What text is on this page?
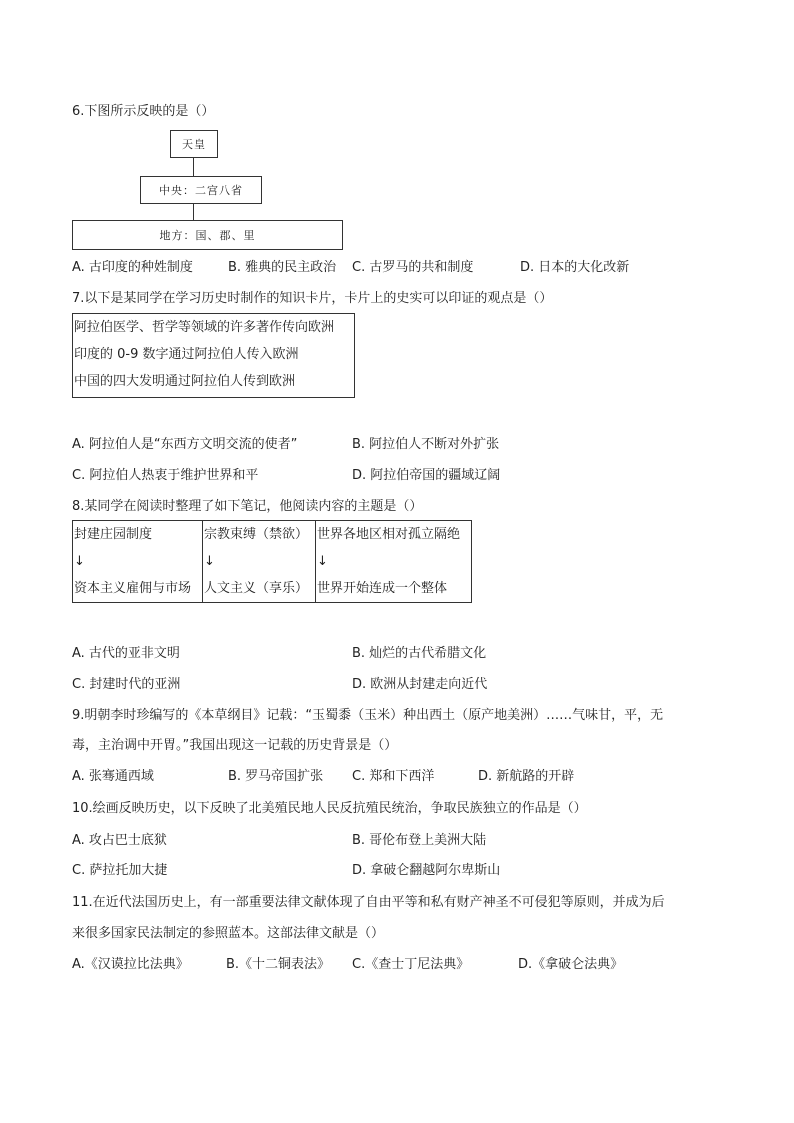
6.下图所示反映的是（）
天皇
中央：二宫八省
地方：国、郡、里
A. 古印度的种姓制度	B. 雅典的民主政治 C. 古罗马的共和制度	D. 日本的大化改新
7.以下是某同学在学习历史时制作的知识卡片，卡片上的史实可以印证的观点是（）
阿拉伯医学、哲学等领域的许多著作传向欧洲
印度的 0-9 数字通过阿拉伯人传入欧洲
中国的四大发明通过阿拉伯人传到欧洲
A. 阿拉伯人是“东西方文明交流的使者”	B. 阿拉伯人不断对外扩张
C. 阿拉伯人热衷于维护世界和平	D. 阿拉伯帝国的疆域辽阔
8.某同学在阅读时整理了如下笔记，他阅读内容的主题是（）
封建庄园制度
↓
资本主义雇佣与市场

宗教束缚（禁欲）
↓
人文主义（享乐）

世界各地区相对孤立隔绝
↓
世界开始连成一个整体
A. 古代的亚非文明	B. 灿烂的古代希腊文化
C. 封建时代的亚洲	D. 欧洲从封建走向近代
9.明朝李时珍编写的《本草纲目》记载：“玉蜀黍（玉米）种出西土（原产地美洲）……气味甘，平，无
毒，主治调中开胃。”我国出现这一记载的历史背景是（）
A. 张骞通西域	B. 罗马帝国扩张 C. 郑和下西洋	D. 新航路的开辟
10.绘画反映历史，以下反映了北美殖民地人民反抗殖民统治，争取民族独立的作品是（）
A. 攻占巴士底狱	B. 哥伦布登上美洲大陆
C. 萨拉托加大捷	D. 拿破仑翻越阿尔卑斯山
11.在近代法国历史上，有一部重要法律文献体现了自由平等和私有财产神圣不可侵犯等原则，并成为后
来很多国家民法制定的参照蓝本。这部法律文献是（）
A.《汉谟拉比法典》	B.《十二铜表法》 C.《查士丁尼法典》	D.《拿破仑法典》
